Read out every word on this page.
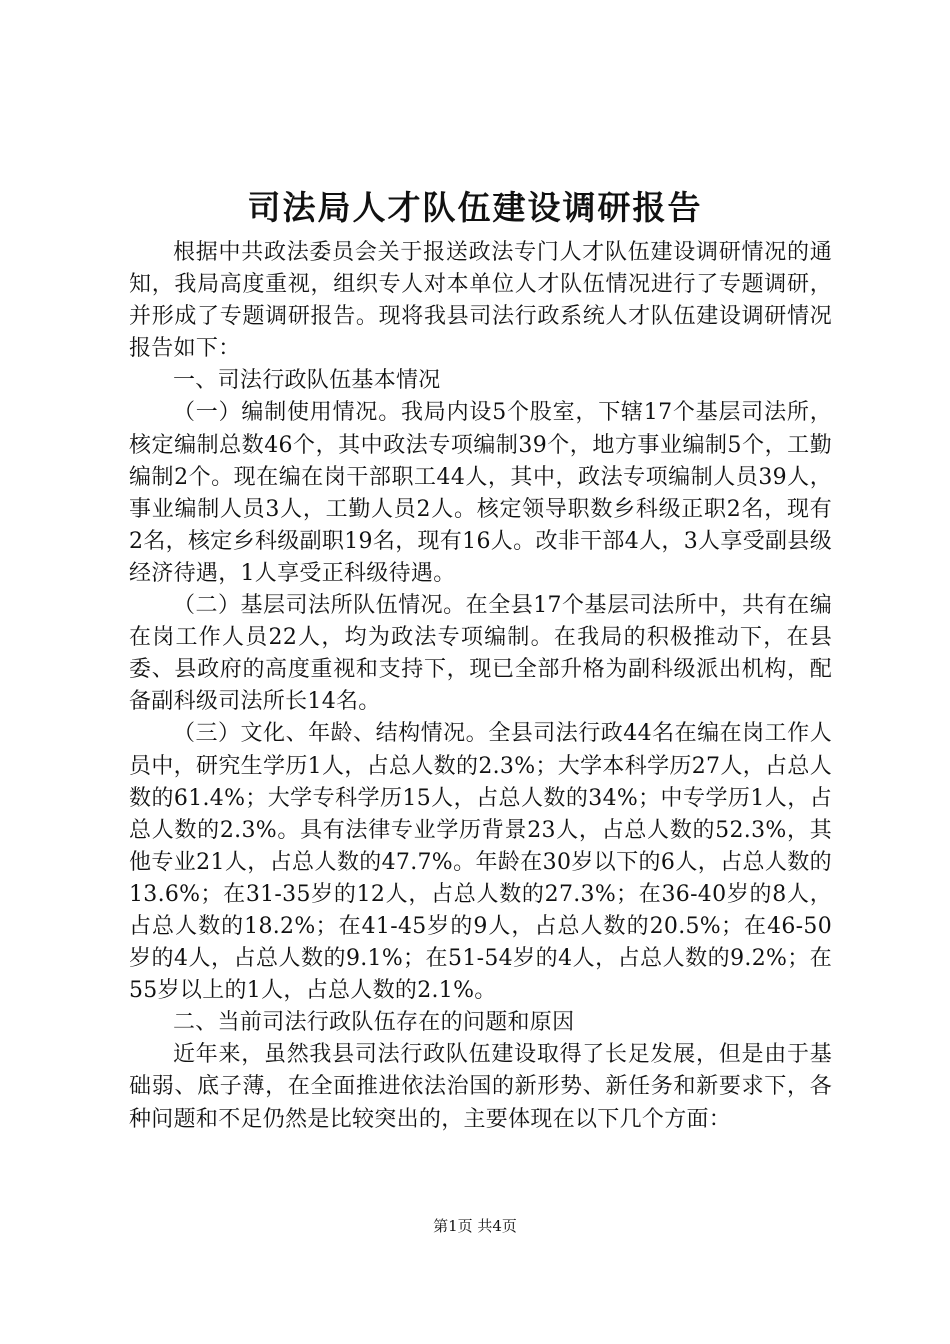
司法局人才队伍建设调研报告

根据中共政法委员会关于报送政法专门人才队伍建设调研情况的通知，我局高度重视，组织专人对本单位人才队伍情况进行了专题调研，并形成了专题调研报告。现将我县司法行政系统人才队伍建设调研情况报告如下：

一、司法行政队伍基本情况

（一）编制使用情况。我局内设5个股室，下辖17个基层司法所，核定编制总数46个，其中政法专项编制39个，地方事业编制5个，工勤编制2个。现在编在岗干部职工44人，其中，政法专项编制人员39人，事业编制人员3人，工勤人员2人。核定领导职数乡科级正职2名，现有2名，核定乡科级副职19名，现有16人。改非干部4人，3人享受副县级经济待遇，1人享受正科级待遇。

（二）基层司法所队伍情况。在全县17个基层司法所中，共有在编在岗工作人员22人，均为政法专项编制。在我局的积极推动下，在县委、县政府的高度重视和支持下，现已全部升格为副科级派出机构，配备副科级司法所长14名。

（三）文化、年龄、结构情况。全县司法行政44名在编在岗工作人员中，研究生学历1人，占总人数的2.3%；大学本科学历27人，占总人数的61.4%；大学专科学历15人，占总人数的34%；中专学历1人，占总人数的2.3%。具有法律专业学历背景23人，占总人数的52.3%，其他专业21人，占总人数的47.7%。年龄在30岁以下的6人，占总人数的13.6%；在31-35岁的12人，占总人数的27.3%；在36-40岁的8人，占总人数的18.2%；在41-45岁的9人，占总人数的20.5%；在46-50岁的4人，占总人数的9.1%；在51-54岁的4人，占总人数的9.2%；在55岁以上的1人，占总人数的2.1%。

二、当前司法行政队伍存在的问题和原因

近年来，虽然我县司法行政队伍建设取得了长足发展，但是由于基础弱、底子薄，在全面推进依法治国的新形势、新任务和新要求下，各种问题和不足仍然是比较突出的，主要体现在以下几个方面：

第1页 共4页
